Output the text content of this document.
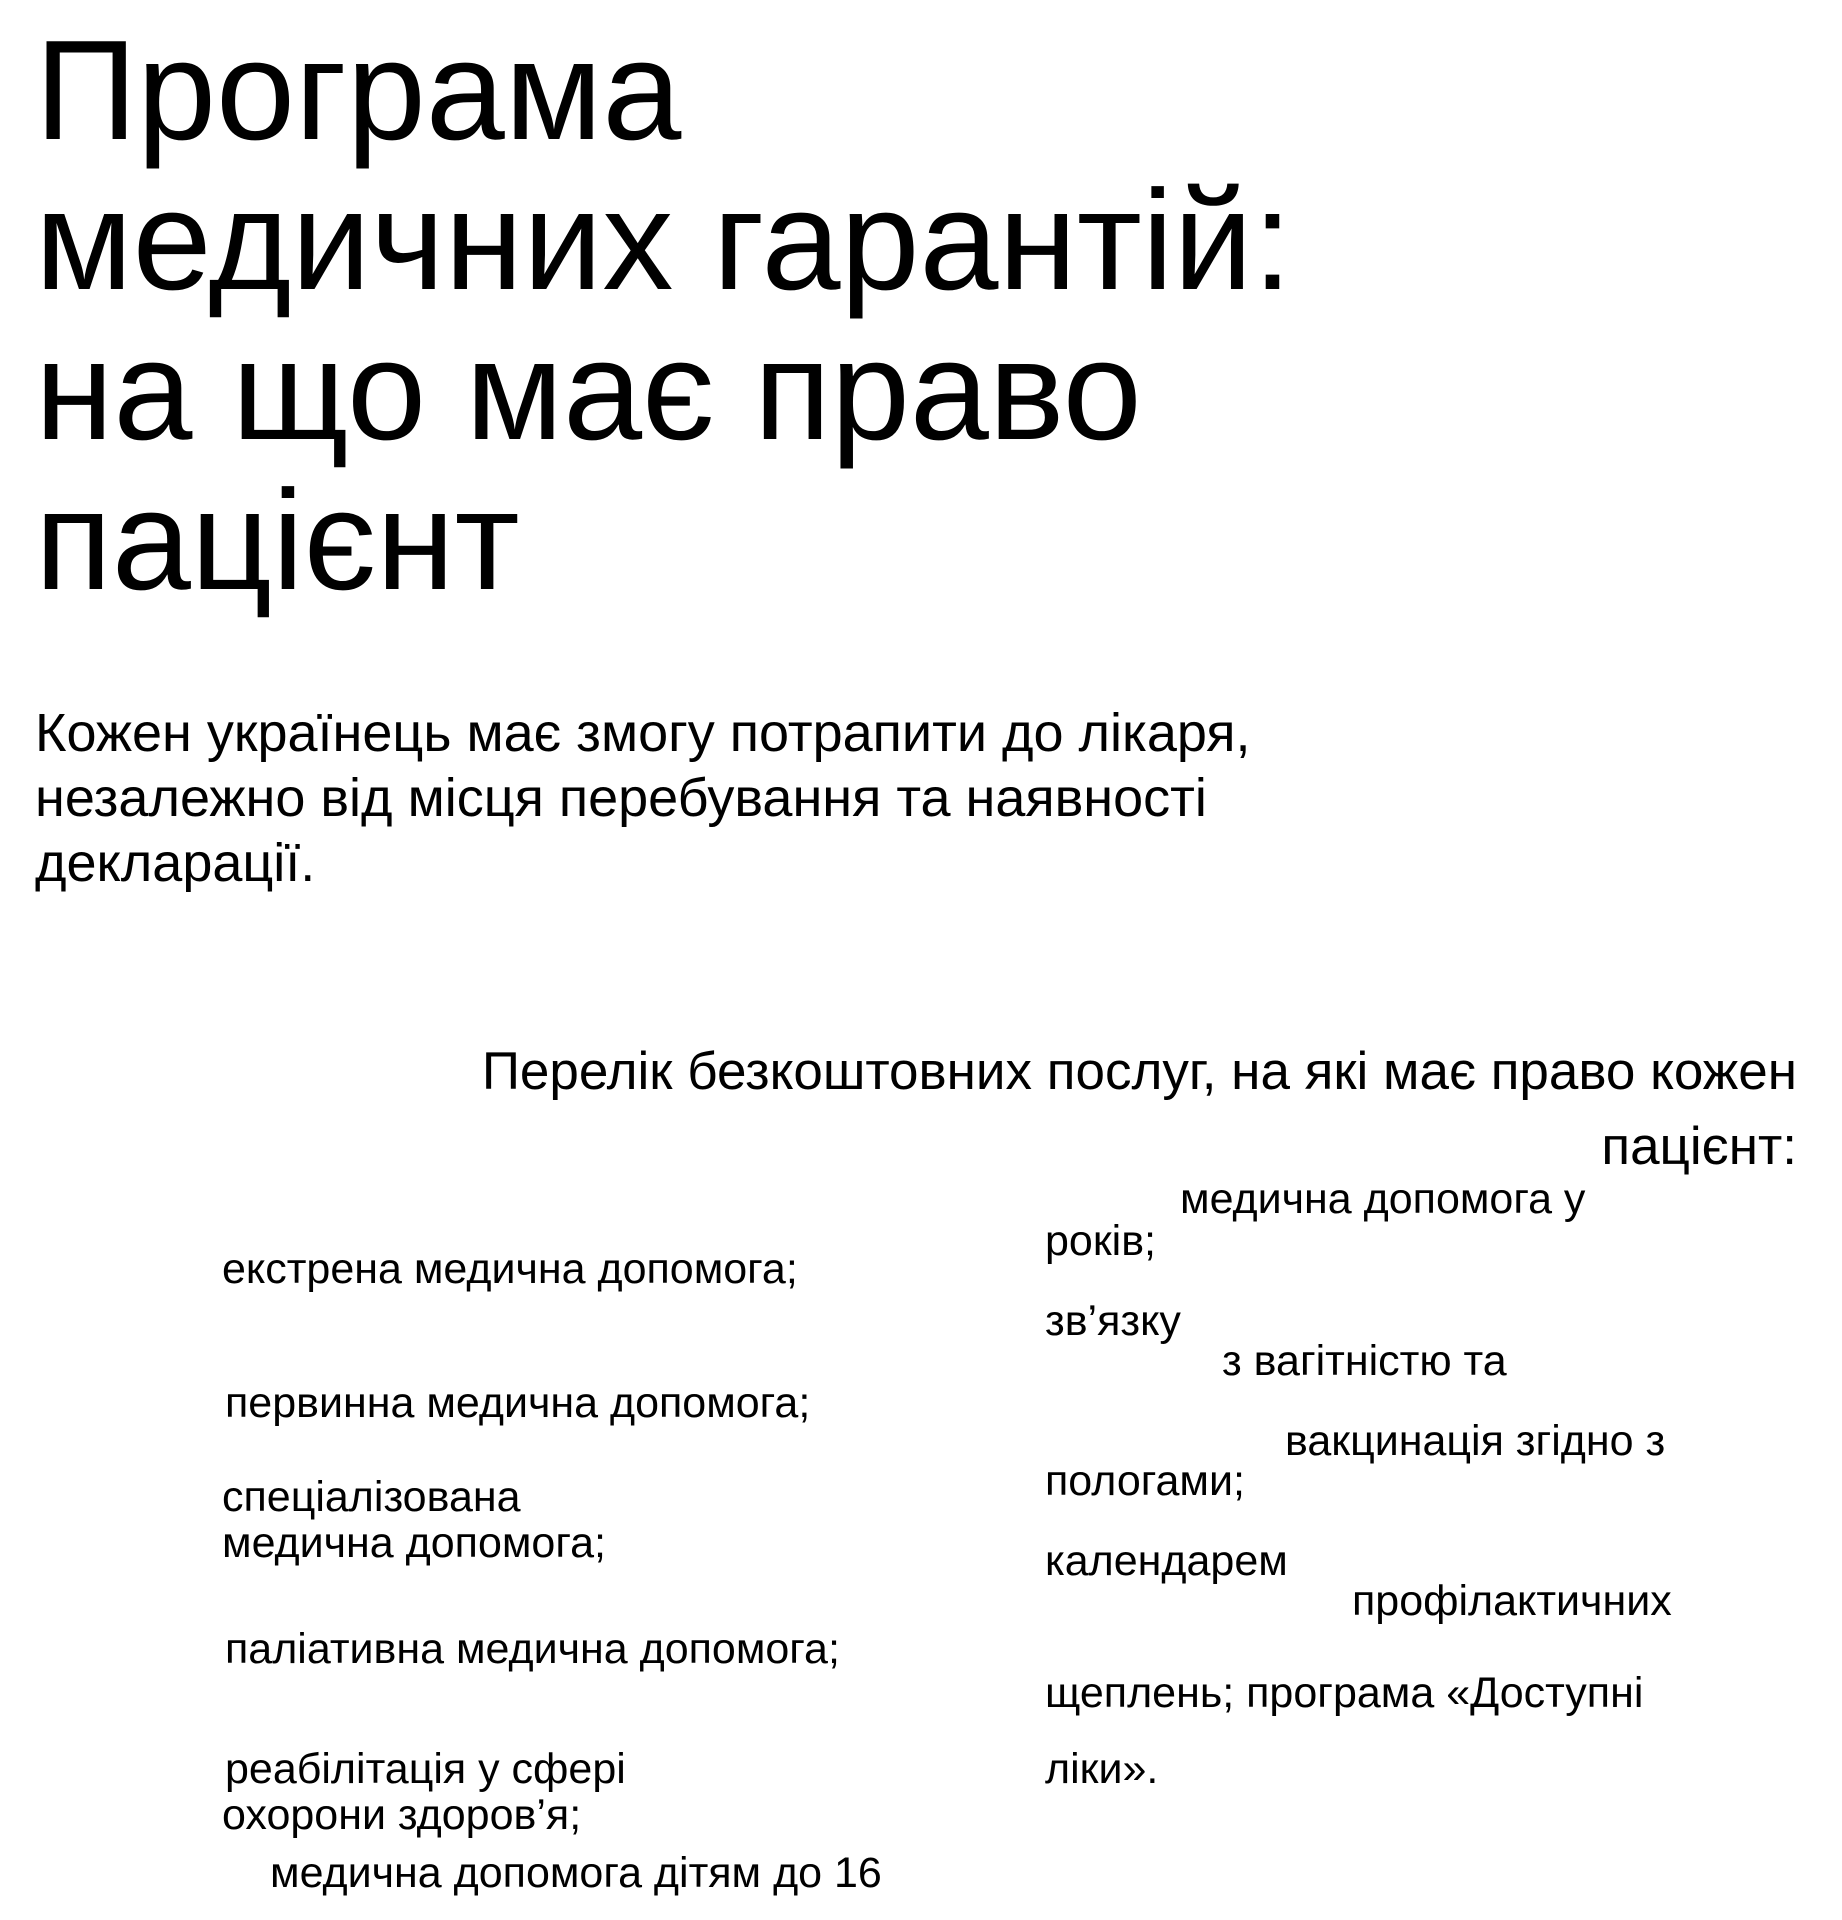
Програма
медичних гарантій:
на що має право
пацієнт
Кожен українець має змогу потрапити до лікаря,
незалежно від місця перебування та наявності
декларації.
Перелік безкоштовних послуг, на які має право кожен
пацієнт:
екстрена медична допомога;
первинна медична допомога;
спеціалізована
медична допомога;
паліативна медична допомога;
реабілітація у сфері
охорони здоров’я;
медична допомога дітям до 16
медична допомога у
років;
зв’язку
з вагітністю та
вакцинація згідно з
пологами;
календарем
профілактичних
щеплень; програма «Доступні
ліки».
